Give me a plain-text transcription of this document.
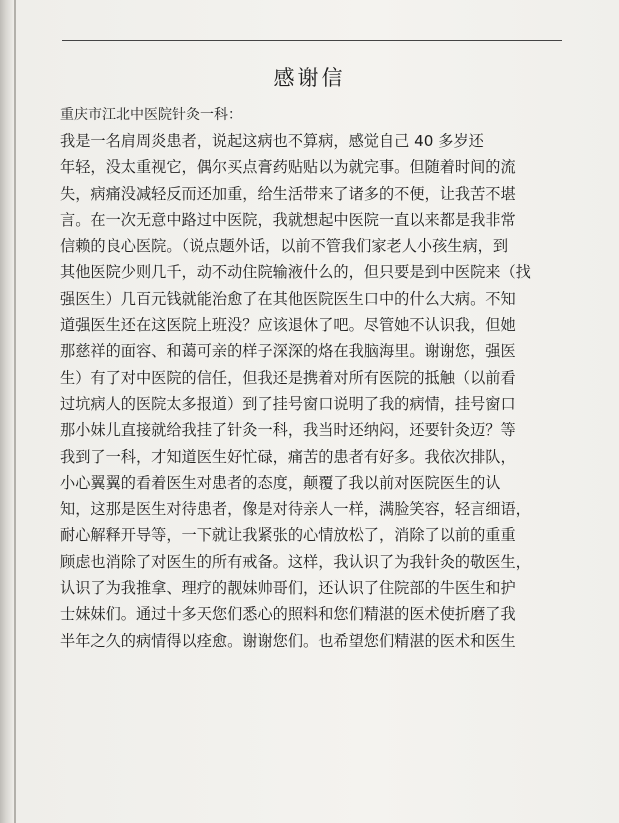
感谢信
重庆市江北中医院针灸一科：
我是一名肩周炎患者，说起这病也不算病，感觉自己 40 多岁还
年轻，没太重视它，偶尔买点膏药贴贴以为就完事。但随着时间的流
失，病痛没减轻反而还加重，给生活带来了诸多的不便，让我苦不堪
言。在一次无意中路过中医院，我就想起中医院一直以来都是我非常
信赖的良心医院。（说点题外话，以前不管我们家老人小孩生病，到
其他医院少则几千，动不动住院输液什么的，但只要是到中医院来（找
强医生）几百元钱就能治愈了在其他医院医生口中的什么大病。不知
道强医生还在这医院上班没？应该退休了吧。尽管她不认识我，但她
那慈祥的面容、和蔼可亲的样子深深的烙在我脑海里。谢谢您，强医
生）有了对中医院的信任，但我还是携着对所有医院的抵触（以前看
过坑病人的医院太多报道）到了挂号窗口说明了我的病情，挂号窗口
那小妹儿直接就给我挂了针灸一科，我当时还纳闷，还要针灸迈？等
我到了一科，才知道医生好忙碌，痛苦的患者有好多。我依次排队，
小心翼翼的看着医生对患者的态度，颠覆了我以前对医院医生的认
知，这那是医生对待患者，像是对待亲人一样，满脸笑容，轻言细语，
耐心解释开导等，一下就让我紧张的心情放松了，消除了以前的重重
顾虑也消除了对医生的所有戒备。这样，我认识了为我针灸的敬医生，
认识了为我推拿、理疗的靓妹帅哥们，还认识了住院部的牛医生和护
士妹妹们。通过十多天您们悉心的照料和您们精湛的医术使折磨了我
半年之久的病情得以痊愈。谢谢您们。也希望您们精湛的医术和医生
